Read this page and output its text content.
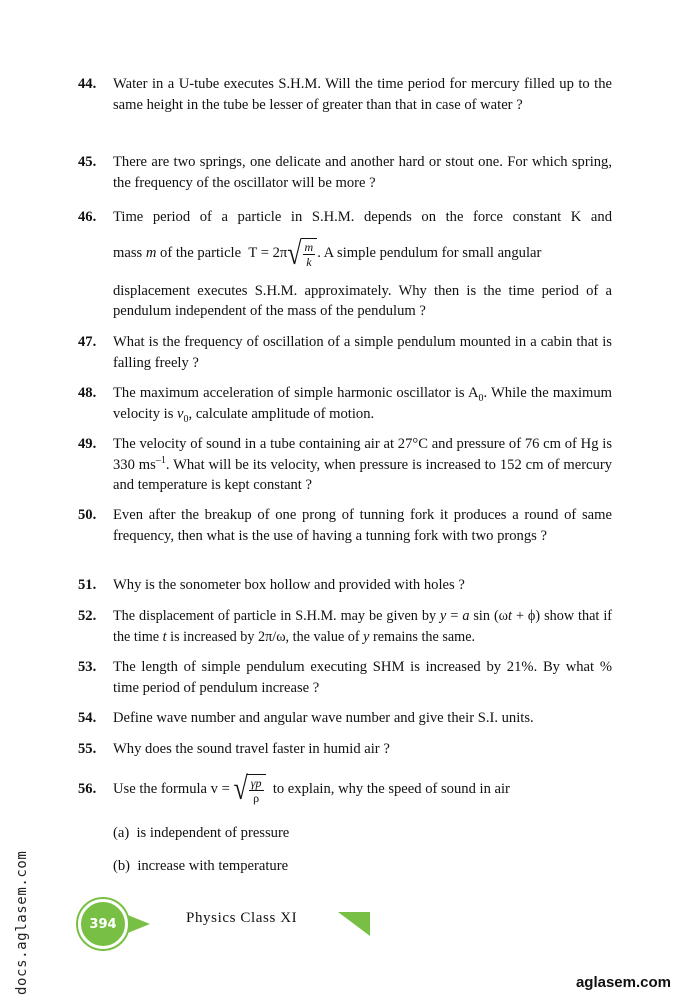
44. Water in a U-tube executes S.H.M. Will the time period for mercury filled up to the same height in the tube be lesser of greater than that in case of water ?
45. There are two springs, one delicate and another hard or stout one. For which spring, the frequency of the oscillator will be more ?
46. Time period of a particle in S.H.M. depends on the force constant K and
mass
m
of the particle
T = 2π √ $\frac{m}{k}$ . A simple pendulum for small angular
displacement executes S.H.M. approximately. Why then is the time period of a pendulum independent of the mass of the pendulum ?
47. What is the frequency of oscillation of a simple pendulum mounted in a cabin that is falling freely ?
48. The maximum acceleration of simple harmonic oscillator is $A_0$. While the maximum velocity is $v_0$, calculate amplitude of motion.
49. The velocity of sound in a tube containing air at 27°C and pressure of 76 cm of Hg is 330 $ms^{-1}$. What will be its velocity, when pressure is increased to 152 cm of mercury and temperature is kept constant ?
50. Even after the breakup of one prong of tunning fork it produces a round of same frequency, then what is the use of having a tunning fork with two prongs ?
51. Why is the sonometer box hollow and provided with holes ?
52. The displacement of particle in S.H.M. may be given by y = a sin (ωt + ϕ) show that if the time t is increased by 2π/ω, the value of y remains the same.
53. The length of simple pendulum executing SHM is increased by 21%. By what % time period of pendulum increase ?
54. Define wave number and angular wave number and give their S.I. units.
55. Why does the sound travel faster in humid air ?
56. Use the formula v =
√ $\frac{\gamma p}{\rho}$
to explain, why the speed of sound in air
(a) is independent of pressure
(b) increase with temperature
394	Physics Class XI
docs.aglasem.com	aglasem.com
